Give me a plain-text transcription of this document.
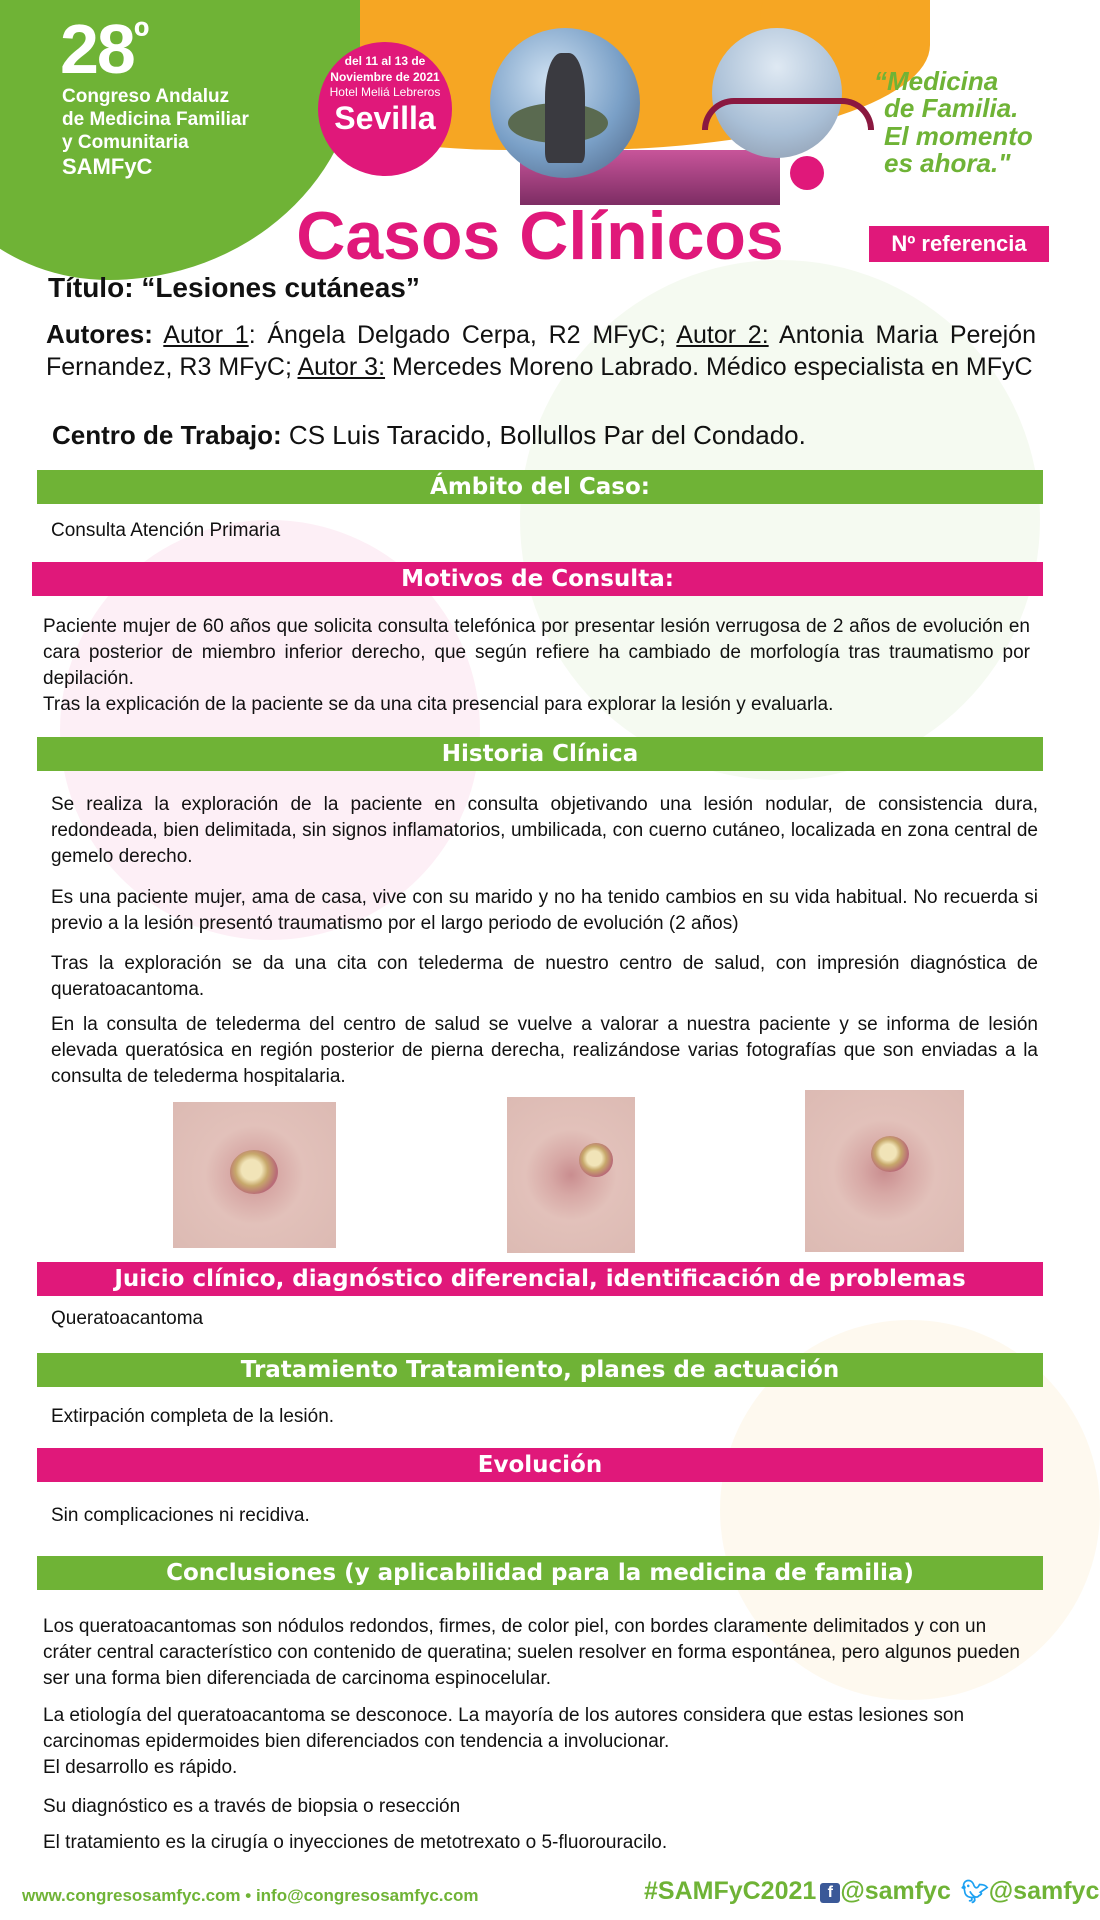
$28^º$
Congreso Andaluz
de Medicina Familiar
y Comunitaria
SAMFyC
del 11 al 13 de
Noviembre de 2021
Hotel Meliá Lebreros
Sevilla
“Medicina
de Familia.
El momento
es ahora."
Casos Clínicos	Nº referencia
Título: “Lesiones cutáneas”
Autores: Autor 1: Ángela Delgado Cerpa, R2 MFyC; Autor 2: Antonia Maria Perejón Fernandez, R3 MFyC; Autor 3: Mercedes Moreno Labrado. Médico especialista en MFyC
Centro de Trabajo: CS Luis Taracido, Bollullos Par del Condado.
Ámbito del Caso:
Consulta Atención Primaria
Motivos de Consulta:
Paciente mujer de 60 años que solicita consulta telefónica por presentar lesión verrugosa de 2 años de evolución en cara posterior de miembro inferior derecho, que según refiere ha cambiado de morfología tras traumatismo por depilación.
Tras la explicación de la paciente se da una cita presencial para explorar la lesión y evaluarla.
Historia Clínica
Se realiza la exploración de la paciente en consulta objetivando una lesión nodular, de consistencia dura, redondeada, bien delimitada, sin signos inflamatorios, umbilicada, con cuerno cutáneo, localizada en zona central de gemelo derecho.
Es una paciente mujer, ama de casa, vive con su marido y no ha tenido cambios en su vida habitual. No recuerda si previo a la lesión presentó traumatismo por el largo periodo de evolución (2 años)
Tras la exploración se da una cita con telederma de nuestro centro de salud, con impresión diagnóstica de queratoacantoma.
En la consulta de telederma del centro de salud se vuelve a valorar a nuestra paciente y se informa de lesión elevada queratósica en región posterior de pierna derecha, realizándose varias fotografías que son enviadas a la consulta de telederma hospitalaria.
Juicio clínico, diagnóstico diferencial, identificación de problemas
Queratoacantoma
Tratamiento Tratamiento, planes de actuación
Extirpación completa de la lesión.
Evolución
Sin complicaciones ni recidiva.
Conclusiones (y aplicabilidad para la medicina de familia)
Los queratoacantomas son nódulos redondos, firmes, de color piel, con bordes claramente delimitados y con un cráter central característico con contenido de queratina; suelen resolver en forma espontánea, pero algunos pueden ser una forma bien diferenciada de carcinoma espinocelular.
La etiología del queratoacantoma se desconoce. La mayoría de los autores considera que estas lesiones son carcinomas epidermoides bien diferenciados con tendencia a involucionar.
El desarrollo es rápido.
Su diagnóstico es a través de biopsia o resección
El tratamiento es la cirugía o inyecciones de metotrexato o 5-fluorouracilo.
www.congresosamfyc.com • info@congresosamfyc.com	#SAMFyC2021 f @samfyc 🐦︎@samfyc
